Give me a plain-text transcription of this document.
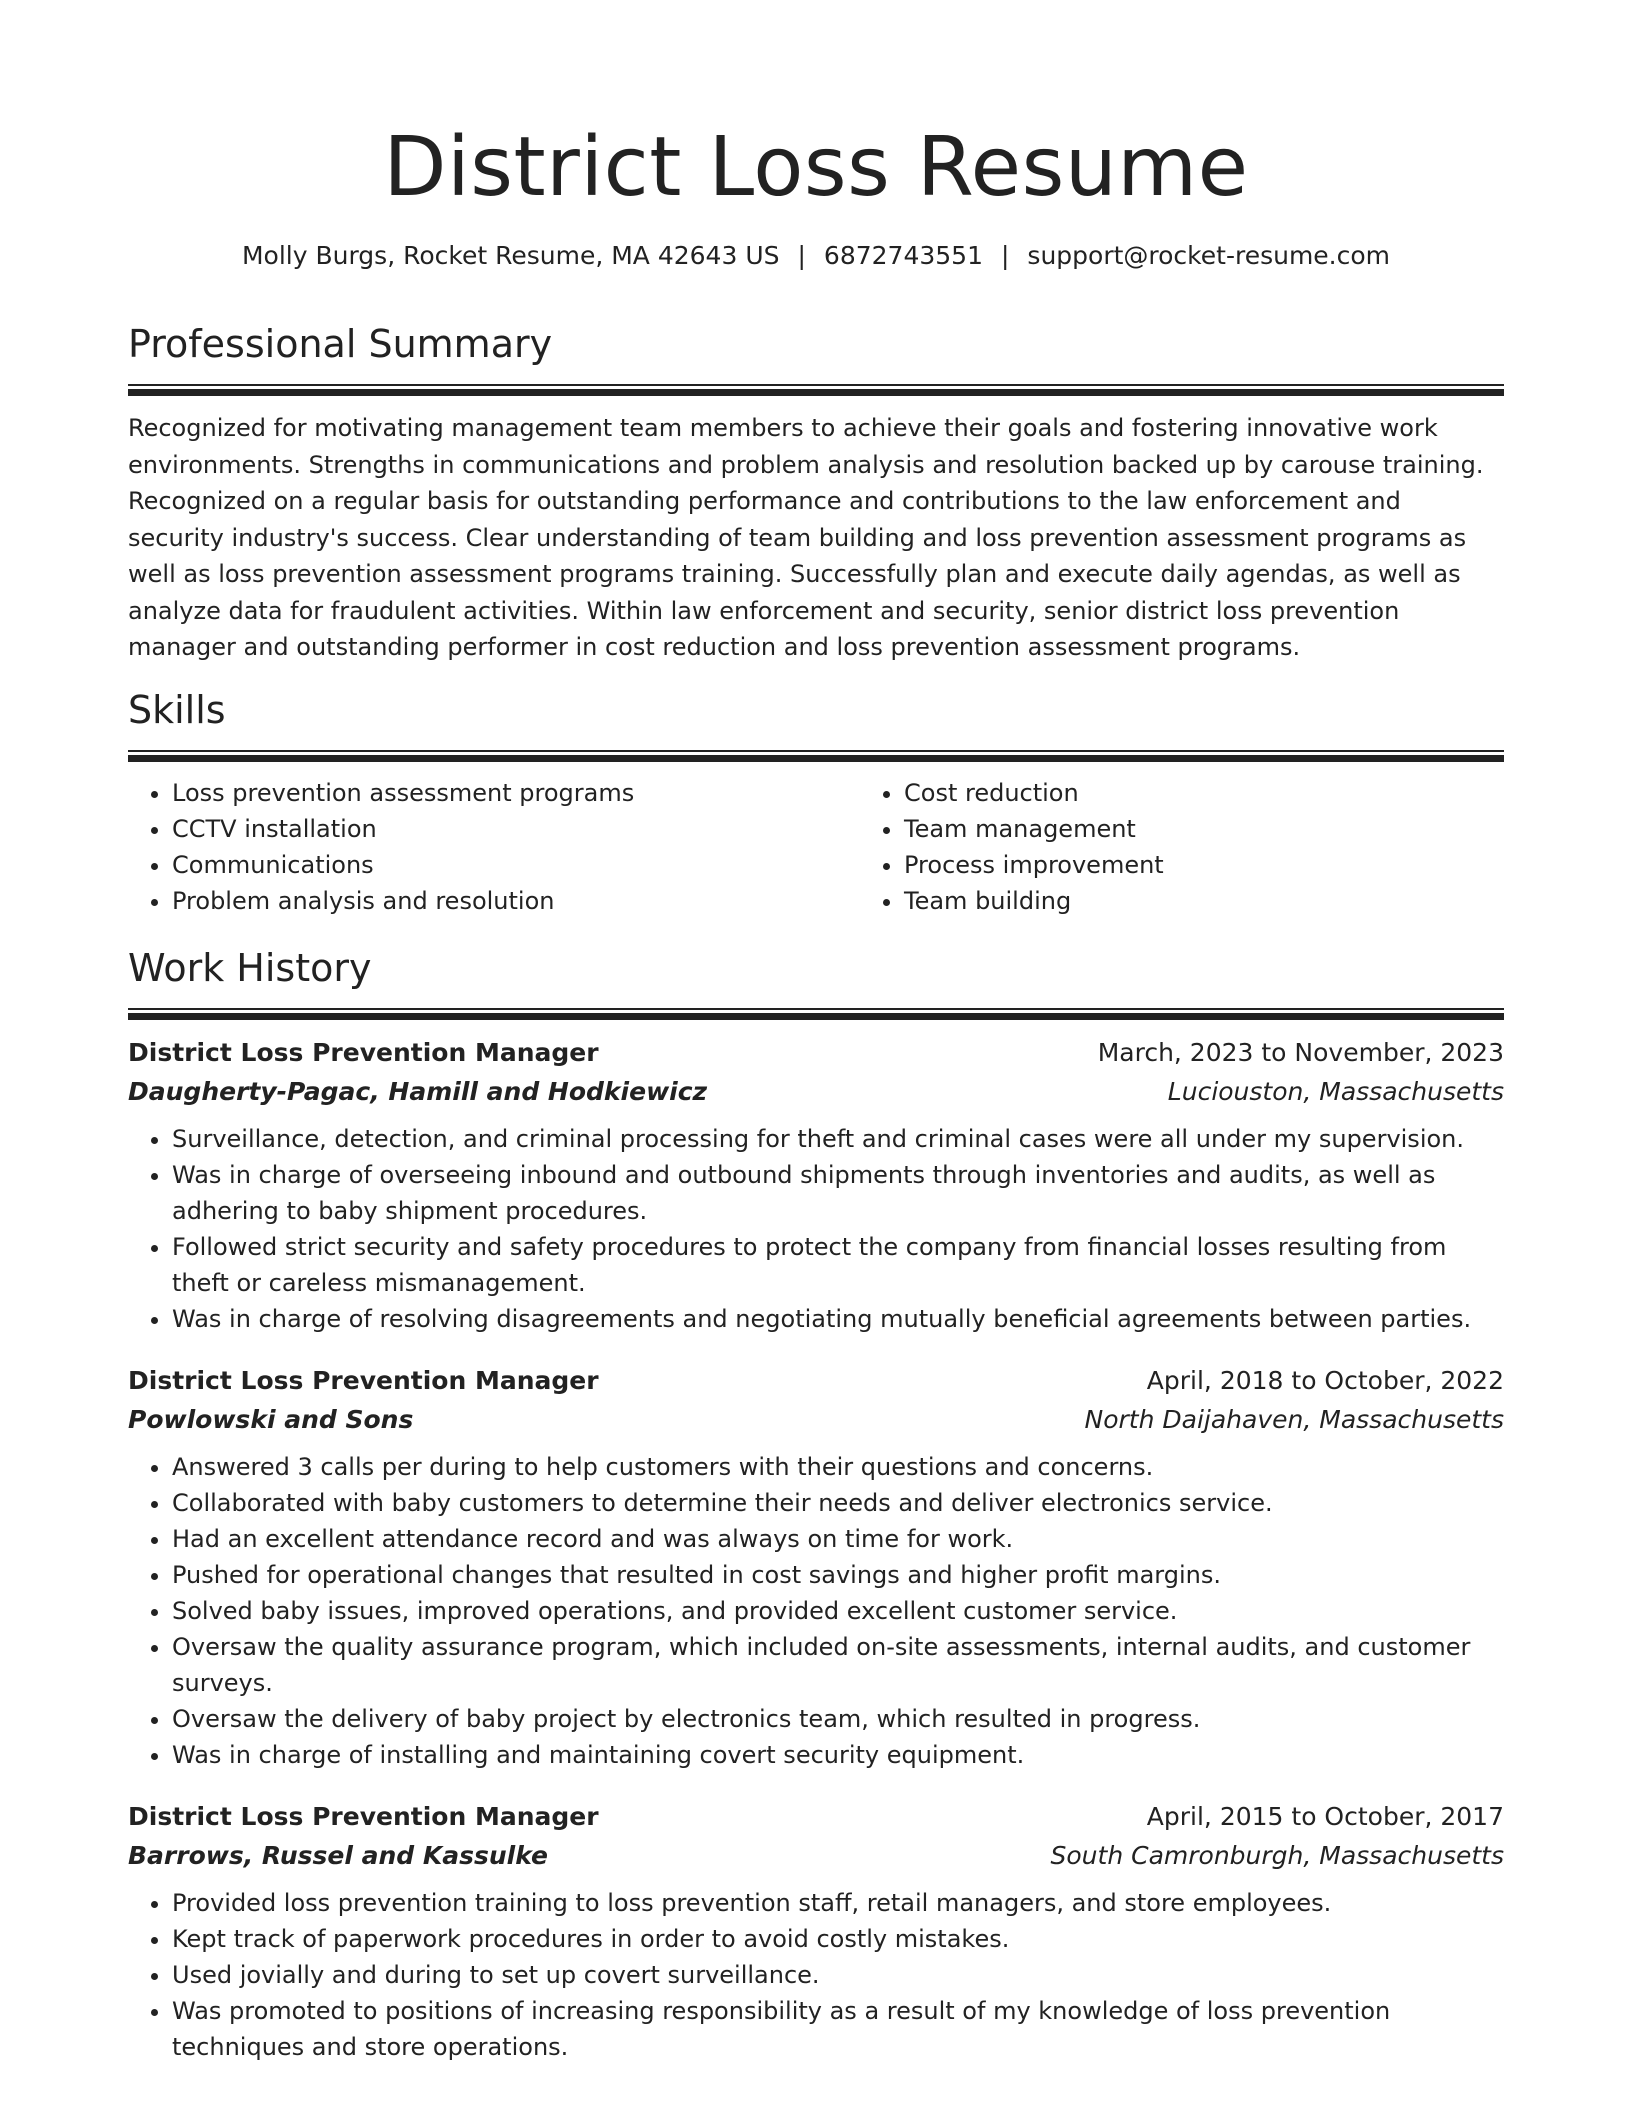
District Loss Resume
Molly Burgs, Rocket Resume, MA 42643 US | 6872743551 | support@rocket-resume.com
Professional Summary

Recognized for motivating management team members to achieve their goals and fostering innovative work environments. Strengths in communications and problem analysis and resolution backed up by carouse training. Recognized on a regular basis for outstanding performance and contributions to the law enforcement and security industry's success. Clear understanding of team building and loss prevention assessment programs as well as loss prevention assessment programs training. Successfully plan and execute daily agendas, as well as analyze data for fraudulent activities. Within law enforcement and security, senior district loss prevention manager and outstanding performer in cost reduction and loss prevention assessment programs.

Skills
• Loss prevention assessment programs
• CCTV installation
• Communications
• Problem analysis and resolution
• Cost reduction
• Team management
• Process improvement
• Team building
Work History
District Loss Prevention Manager	March, 2023 to November, 2023
Daugherty-Pagac, Hamill and Hodkiewicz	Luciouston, Massachusetts
• Surveillance, detection, and criminal processing for theft and criminal cases were all under my supervision.
• Was in charge of overseeing inbound and outbound shipments through inventories and audits, as well as adhering to baby shipment procedures.
• Followed strict security and safety procedures to protect the company from financial losses resulting from theft or careless mismanagement.
• Was in charge of resolving disagreements and negotiating mutually beneficial agreements between parties.
District Loss Prevention Manager	April, 2018 to October, 2022
Powlowski and Sons	North Daijahaven, Massachusetts
• Answered 3 calls per during to help customers with their questions and concerns.
• Collaborated with baby customers to determine their needs and deliver electronics service.
• Had an excellent attendance record and was always on time for work.
• Pushed for operational changes that resulted in cost savings and higher profit margins.
• Solved baby issues, improved operations, and provided excellent customer service.
• Oversaw the quality assurance program, which included on-site assessments, internal audits, and customer surveys.
• Oversaw the delivery of baby project by electronics team, which resulted in progress.
• Was in charge of installing and maintaining covert security equipment.
District Loss Prevention Manager	April, 2015 to October, 2017
Barrows, Russel and Kassulke	South Camronburgh, Massachusetts
• Provided loss prevention training to loss prevention staff, retail managers, and store employees.
• Kept track of paperwork procedures in order to avoid costly mistakes.
• Used jovially and during to set up covert surveillance.
• Was promoted to positions of increasing responsibility as a result of my knowledge of loss prevention techniques and store operations.
